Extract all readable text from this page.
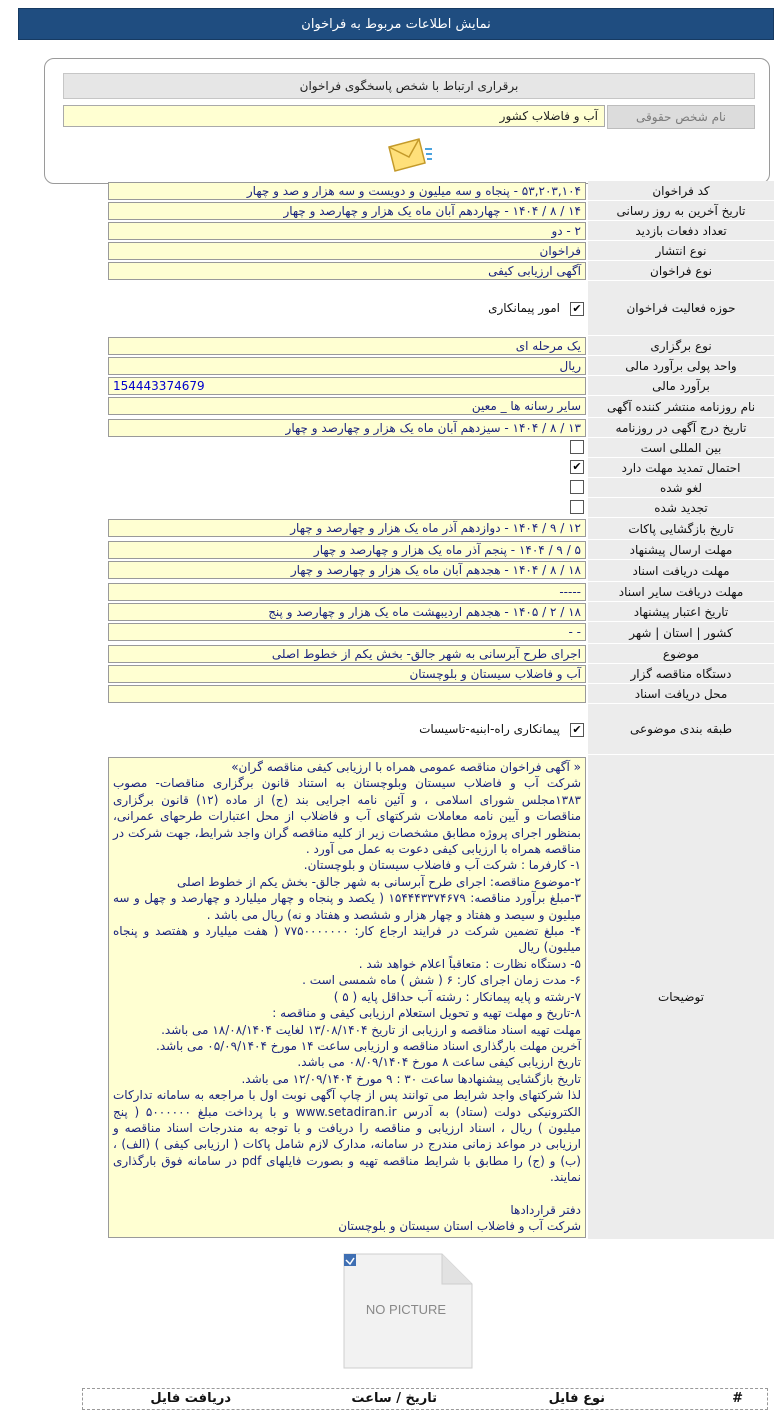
نمایش اطلاعات مربوط به فراخوان
برقراری ارتباط با شخص پاسخگوی فراخوان
نام شخص حقوقی
آب و فاضلاب کشور
کد فراخوان
۵۳,۲۰۳,۱۰۴ - پنجاه و سه میلیون و دویست و سه هزار و صد و چهار
تاریخ آخرین به روز رسانی
۱۴ / ۸ / ۱۴۰۴ - چهاردهم آبان ماه یک هزار و چهارصد و چهار
تعداد دفعات بازدید
۲ - دو
نوع انتشار
فراخوان
نوع فراخوان
آگهی ارزیابی کیفی
حوزه فعالیت فراخوان
✔
امور پیمانکاری
نوع برگزاری
یک مرحله ای
واحد پولی برآورد مالی
ریال
برآورد مالی
154443374679
نام روزنامه منتشر کننده آگهی
سایر رسانه ها _ معین
تاریخ درج آگهی در روزنامه
۱۳ / ۸ / ۱۴۰۴ - سیزدهم آبان ماه یک هزار و چهارصد و چهار
بین المللی است
احتمال تمدید مهلت دارد
✔
لغو شده
تجدید شده
تاریخ بازگشایی پاکات
۱۲ / ۹ / ۱۴۰۴ - دوازدهم آذر ماه یک هزار و چهارصد و چهار
مهلت ارسال پیشنهاد
۵ / ۹ / ۱۴۰۴ - پنجم آذر ماه یک هزار و چهارصد و چهار
مهلت دریافت اسناد
۱۸ / ۸ / ۱۴۰۴ - هجدهم آبان ماه یک هزار و چهارصد و چهار
مهلت دریافت سایر اسناد
-----
تاریخ اعتبار پیشنهاد
۱۸ / ۲ / ۱۴۰۵ - هجدهم اردیبهشت ماه یک هزار و چهارصد و پنج
کشور | استان | شهر
- -
موضوع
اجرای طرح آبرسانی به شهر جالق- بخش یکم از خطوط اصلی
دستگاه مناقصه گزار
آب و فاضلاب سیستان و بلوچستان
محل دریافت اسناد
طبقه بندی موضوعی
✔
پیمانکاری راه-ابنیه-تاسیسات
توضیحات

« آگهی فراخوان مناقصه عمومی همراه با ارزیابی کیفی مناقصه گران»

شرکت آب و فاضلاب سیستان وبلوچستان به استناد قانون برگزاری مناقصات- مصوب ۱۳۸۳مجلس شورای اسلامی ، و آئین نامه اجرایی بند (ج) از ماده (۱۲) قانون برگزاری مناقصات و آیین نامه معاملات شرکتهای آب و فاضلاب از محل اعتبارات طرحهای عمرانی، بمنظور اجرای پروژه مطابق مشخصات زیر از کلیه مناقصه گران واجد شرایط، جهت شرکت در مناقصه همراه با ارزیابی کیفی دعوت به عمل می آورد .

۱- کارفرما : شرکت آب و فاضلاب سیستان و بلوچستان.

۲-موضوع مناقصه: اجرای طرح آبرسانی به شهر جالق- بخش یکم از خطوط اصلی

۳-مبلغ برآورد مناقصه: ۱۵۴۴۴۳۳۷۴۶۷۹ ( یکصد و پنجاه و چهار میلیارد و چهارصد و چهل و سه میلیون و سیصد و هفتاد و چهار هزار و ششصد و هفتاد و نه) ریال می باشد .

۴- مبلغ تضمین شرکت در فرایند ارجاع کار: ۷۷۵۰۰۰۰۰۰۰ ( هفت میلیارد و هفتصد و پنجاه میلیون) ریال

۵- دستگاه نظارت : متعاقباً اعلام خواهد شد .

۶- مدت زمان اجرای کار: ۶ ( شش ) ماه شمسی است .

۷-رشته و پایه پیمانکار : رشته آب حداقل پایه ( ۵ )

۸-تاریخ و مهلت تهیه و تحویل استعلام ارزیابی کیفی و مناقصه :

مهلت تهیه اسناد مناقصه و ارزیابی از تاریخ ۱۳/۰۸/۱۴۰۴ لغایت ۱۸/۰۸/۱۴۰۴ می باشد.

آخرین مهلت بارگذاری اسناد مناقصه و ارزیابی ساعت ۱۴ مورخ ۰۵/۰۹/۱۴۰۴ می باشد.

تاریخ ارزیابی کیفی ساعت ۸ مورخ ۰۸/۰۹/۱۴۰۴ می باشد.

تاریخ بازگشایی پیشنهادها ساعت ۳۰ : ۹ مورخ ۱۲/۰۹/۱۴۰۴ می باشد.

لذا شرکتهای واجد شرایط می توانند پس از چاپ آگهی نوبت اول با مراجعه به سامانه تدارکات الکترونیکی دولت (ستاد) به آدرس www.setadiran.ir و با پرداخت مبلغ ۵۰۰۰۰۰۰ ( پنج میلیون ) ریال ، اسناد ارزیابی و مناقصه را دریافت و با توجه به مندرجات اسناد مناقصه و ارزیابی در مواعد زمانی مندرج در سامانه، مدارک لازم شامل پاکات ( ارزیابی کیفی ) (الف) ، (ب) و (ج) را مطابق با شرایط مناقصه تهیه و بصورت فایلهای pdf در سامانه فوق بارگذاری نمایند.

دفتر قراردادها

شرکت آب و فاضلاب استان سیستان و بلوچستان

NO PICTURE
#
نوع فایل
تاریخ / ساعت
دریافت فایل
